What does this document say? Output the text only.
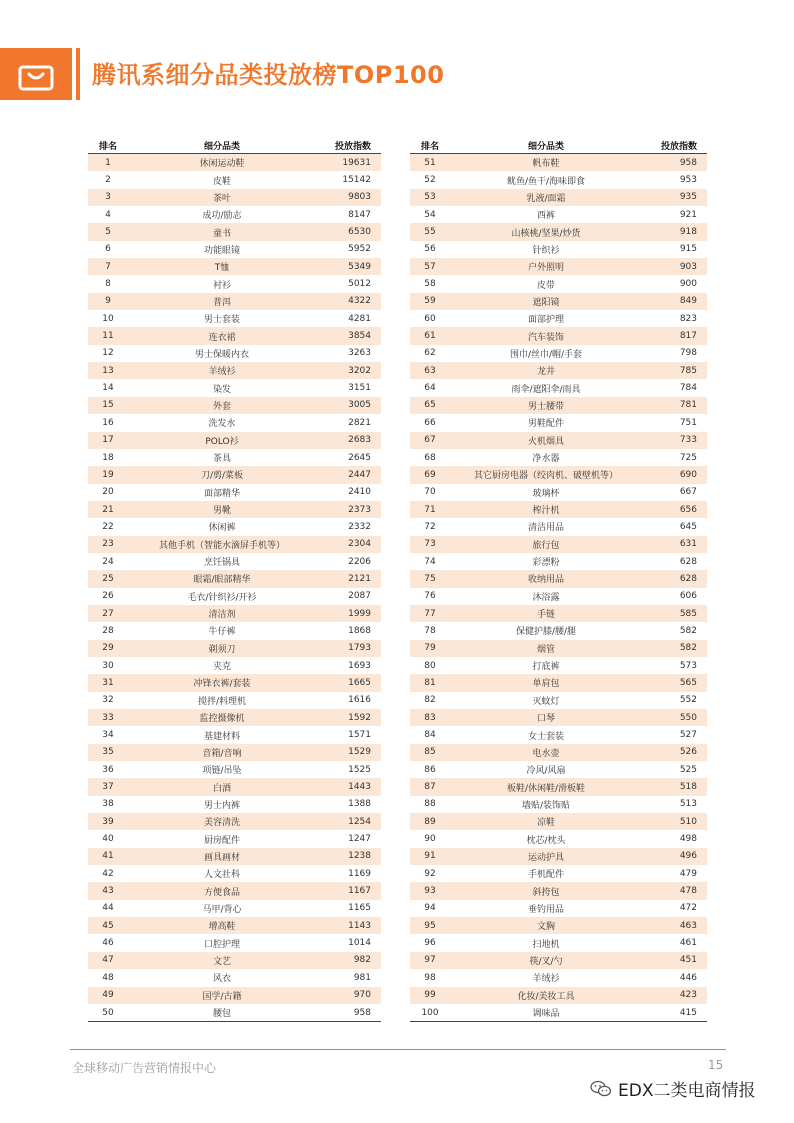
腾讯系细分品类投放榜TOP100
排名	细分品类	投放指数
1	休闲运动鞋	19631
2	皮鞋	15142
3	茶叶	9803
4	成功/励志	8147
5	童书	6530
6	功能眼镜	5952
7	T恤	5349
8	衬衫	5012
9	普洱	4322
10	男士套装	4281
11	连衣裙	3854
12	男士保暖内衣	3263
13	羊绒衫	3202
14	染发	3151
15	外套	3005
16	洗发水	2821
17	POLO衫	2683
18	茶具	2645
19	刀/剪/菜板	2447
20	面部精华	2410
21	男靴	2373
22	休闲裤	2332
23	其他手机（智能水滴屏手机等）	2304
24	烹饪锅具	2206
25	眼霜/眼部精华	2121
26	毛衣/针织衫/开衫	2087
27	清洁剂	1999
28	牛仔裤	1868
29	剃须刀	1793
30	夹克	1693
31	冲锋衣裤/套装	1665
32	搅拌/料理机	1616
33	监控摄像机	1592
34	基建材料	1571
35	音箱/音响	1529
36	项链/吊坠	1525
37	白酒	1443
38	男士内裤	1388
39	美容清洗	1254
40	厨房配件	1247
41	画具画材	1238
42	人文社科	1169
43	方便食品	1167
44	马甲/背心	1165
45	增高鞋	1143
46	口腔护理	1014
47	文艺	982
48	风衣	981
49	国学/古籍	970
50	腰包	958
排名	细分品类	投放指数
51	帆布鞋	958
52	鱿鱼/鱼干/海味即食	953
53	乳液/面霜	935
54	西裤	921
55	山核桃/坚果/炒货	918
56	针织衫	915
57	户外照明	903
58	皮带	900
59	遮阳镜	849
60	面部护理	823
61	汽车装饰	817
62	围巾/丝巾/帽/手套	798
63	龙井	785
64	雨伞/遮阳伞/雨具	784
65	男士腰带	781
66	男鞋配件	751
67	火机烟具	733
68	净水器	725
69	其它厨房电器（绞肉机、破壁机等）	690
70	玻璃杯	667
71	榨汁机	656
72	清洁用品	645
73	旅行包	631
74	彩漂粉	628
75	收纳用品	628
76	沐浴露	606
77	手链	585
78	保健护膝/腰/腿	582
79	烟管	582
80	打底裤	573
81	单肩包	565
82	灭蚊灯	552
83	口琴	550
84	女士套装	527
85	电水壶	526
86	冷风/风扇	525
87	板鞋/休闲鞋/滑板鞋	518
88	墙贴/装饰贴	513
89	凉鞋	510
90	枕芯/枕头	498
91	运动护具	496
92	手机配件	479
93	斜挎包	478
94	垂钓用品	472
95	文胸	463
96	扫地机	461
97	筷/叉/勺	451
98	羊绒衫	446
99	化妆/美妆工具	423
100	调味品	415
全球移动广告营销情报中心	15
EDX二类电商情报
